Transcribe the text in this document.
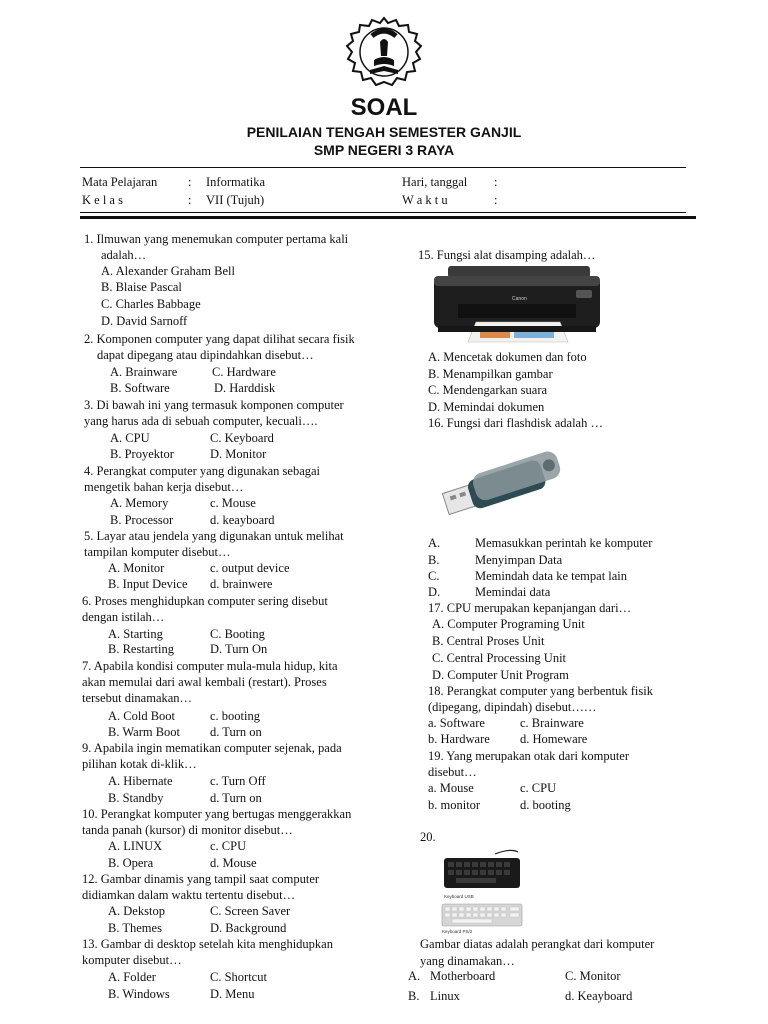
SOAL
PENILAIAN TENGAH SEMESTER GANJIL
SMP NEGERI 3 RAYA
Mata Pelajaran : Informatika	Hari, tanggal :
K e l a s	: VII (Tujuh)	W a k t u	:
1. Ilmuwan yang menemukan computer pertama kali
adalah…
A. Alexander Graham Bell
B. Blaise Pascal
C. Charles Babbage
D. David Sarnoff
2. Komponen computer yang dapat dilihat secara fisik
dapat dipegang atau dipindahkan disebut…
A. Brainware	C. Hardware
B. Software	D. Harddisk
3. Di bawah ini yang termasuk komponen computer
yang harus ada di sebuah computer, kecuali….
A. CPU	C. Keyboard
B. Proyektor	D. Monitor
4. Perangkat computer yang digunakan sebagai
mengetik bahan kerja disebut…
A. Memory	c. Mouse
B. Processor	d. keayboard
5. Layar atau jendela yang digunakan untuk melihat
tampilan komputer disebut…
A. Monitor	c. output device
B. Input Device d. brainwere
6. Proses menghidupkan computer sering disebut
dengan istilah…
A. Starting	C. Booting
B. Restarting	D. Turn On
7. Apabila kondisi computer mula-mula hidup, kita
akan memulai dari awal kembali (restart). Proses
tersebut dinamakan…
A. Cold Boot	c. booting
B. Warm Boot d. Turn on
9. Apabila ingin mematikan computer sejenak, pada
pilihan kotak di-klik…
A. Hibernate	c. Turn Off
B. Standby	d. Turn on
10. Perangkat komputer yang bertugas menggerakkan
tanda panah (kursor) di monitor disebut…
A. LINUX	c. CPU
B. Opera	d. Mouse
12. Gambar dinamis yang tampil saat computer
didiamkan dalam waktu tertentu disebut…
A. Dekstop	C. Screen Saver
B. Themes	D. Background
13. Gambar di desktop setelah kita menghidupkan
komputer disebut…
A. Folder	C. Shortcut
B. Windows	D. Menu
15. Fungsi alat disamping adalah…
Canon
A. Mencetak dokumen dan foto
B. Menampilkan gambar
C. Mendengarkan suara
D. Memindai dokumen
16. Fungsi dari flashdisk adalah …
A.	Memasukkan perintah ke komputer
B.	Menyimpan Data
C.	Memindah data ke tempat lain
D.	Memindai data
17. CPU merupakan kepanjangan dari…
A. Computer Programing Unit
B. Central Proses Unit
C. Central Processing Unit
D. Computer Unit Program
18. Perangkat computer yang berbentuk fisik
(dipegang, dipindah) disebut……
a. Software	c. Brainware
b. Hardware d. Homeware
19. Yang merupakan otak dari komputer
disebut…
a. Mouse	c. CPU
b. monitor	d. booting
20.
Keyboard USB
Keyboard PS/2
Gambar diatas adalah perangkat dari komputer
yang dinamakan…
A. Motherboard	C. Monitor
B. Linux	d. Keayboard
